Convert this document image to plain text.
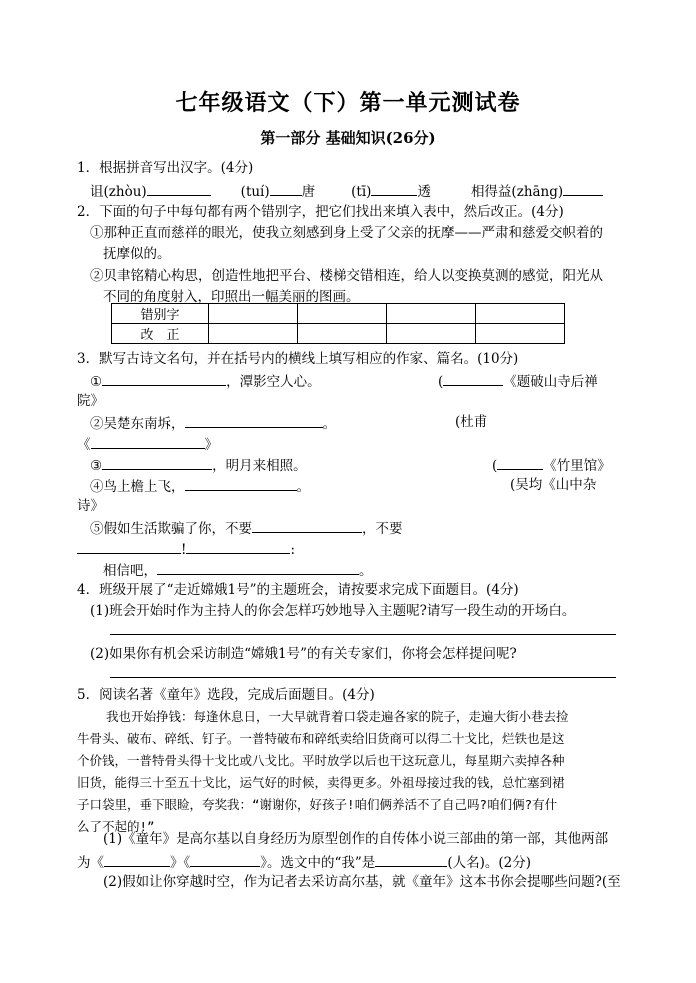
七年级语文（下）第一单元测试卷
第一部分 基础知识(26分)
1．根据拼音写出汉字。(4分)
诅(zhòu)	(tuí) 唐	(tī)	透	相得益(zhāng)
2．下面的句子中每句都有两个错别字，把它们找出来填入表中，然后改正。(4分)
①那种正直而慈祥的眼光，使我立刻感到身上受了父亲的抚摩——严肃和慈爱交帜着的
抚摩似的。
②贝聿铭精心构思，创造性地把平台、楼梯交错相连，给人以变换莫测的感觉，阳光从
不同的角度射入，印照出一幅美丽的图画。
错别字				
改　正				
3．默写古诗文名句，并在括号内的横线上填写相应的作家、篇名。(10分)
①	，潭影空人心。	(	《题破山寺后禅
院》
②吴楚东南坼，	。	(杜甫
《	》
③	，明月来相照。	(	《竹里馆》
④鸟上檐上飞，	。	(吴均《山中杂
诗》
⑤假如生活欺骗了你，不要	，不要
!	:
相信吧，	。
4．班级开展了“走近嫦娥1号”的主题班会，请按要求完成下面题目。(4分)
(1)班会开始时作为主持人的你会怎样巧妙地导入主题呢?请写一段生动的开场白。
(2)如果你有机会采访制造“嫦娥1号”的有关专家们，你将会怎样提问呢?
5．阅读名著《童年》选段，完成后面题目。(4分)
我也开始挣钱：每逢休息日，一大早就背着口袋走遍各家的院子，走遍大街小巷去捡
牛骨头、破布、碎纸、钉子。一普特破布和碎纸卖给旧货商可以得二十戈比，烂铁也是这
个价钱，一普特骨头得十戈比或八戈比。平时放学以后也干这玩意儿，每星期六卖掉各种
旧货，能得三十至五十戈比，运气好的时候，卖得更多。外祖母接过我的钱，总忙塞到裙
子口袋里，垂下眼睑，夸奖我：“谢谢你，好孩子!咱们俩养活不了自己吗?咱们俩?有什
么了不起的!”
(1)《童年》是高尔基以自身经历为原型创作的自传体小说三部曲的第一部，其他两部
为《	》《	》。选文中的“我”是	(人名)。(2分)
(2)假如让你穿越时空，作为记者去采访高尔基，就《童年》这本书你会提哪些问题?(至
